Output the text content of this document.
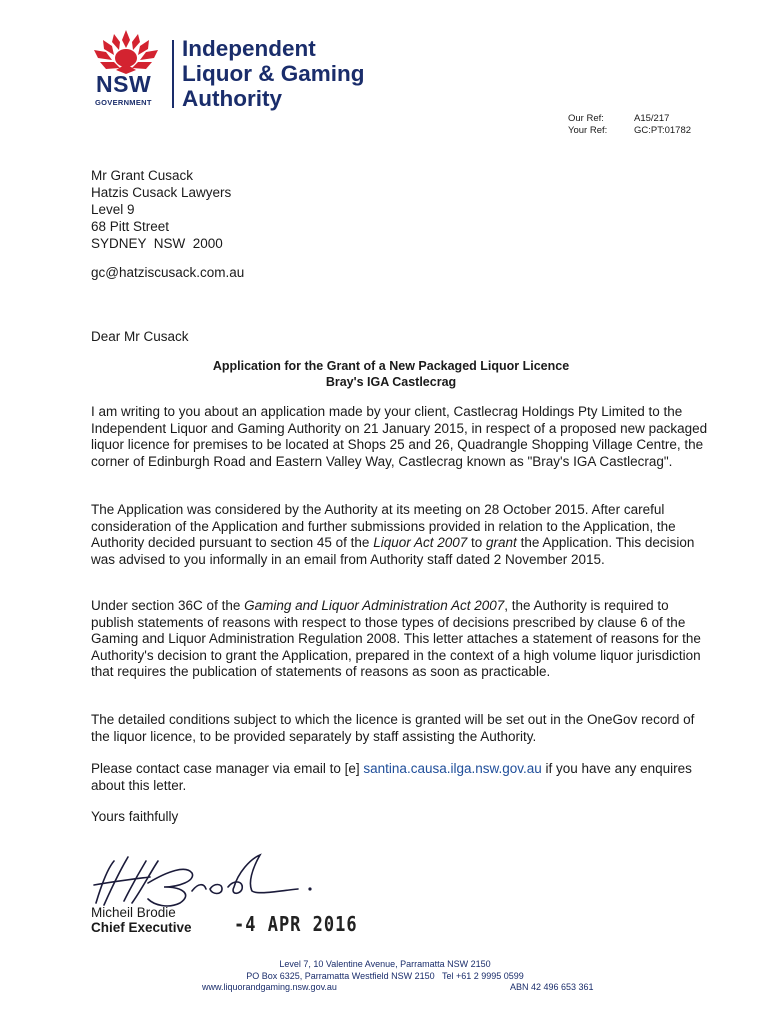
NSW
GOVERNMENT
Independent
Liquor & Gaming
Authority
Our Ref:	A15/217
Your Ref:	GC:PT:01782
Mr Grant Cusack
Hatzis Cusack Lawyers
Level 9
68 Pitt Street
SYDNEY  NSW  2000
gc@hatziscusack.com.au
Dear Mr Cusack
Application for the Grant of a New Packaged Liquor Licence
Bray's IGA Castlecrag

I am writing to you about an application made by your client, Castlecrag Holdings Pty Limited to the Independent Liquor and Gaming Authority on 21 January 2015, in respect of a proposed new packaged liquor licence for premises to be located at Shops 25 and 26, Quadrangle Shopping Village Centre, the corner of Edinburgh Road and Eastern Valley Way, Castlecrag known as "Bray's IGA Castlecrag".

The Application was considered by the Authority at its meeting on 28 October 2015. After careful consideration of the Application and further submissions provided in relation to the Application, the Authority decided pursuant to section 45 of the Liquor Act 2007 to grant the Application. This decision was advised to you informally in an email from Authority staff dated 2 November 2015.

Under section 36C of the Gaming and Liquor Administration Act 2007, the Authority is required to publish statements of reasons with respect to those types of decisions prescribed by clause 6 of the Gaming and Liquor Administration Regulation 2008. This letter attaches a statement of reasons for the Authority's decision to grant the Application, prepared in the context of a high volume liquor jurisdiction that requires the publication of statements of reasons as soon as practicable.

The detailed conditions subject to which the licence is granted will be set out in the OneGov record of the liquor licence, to be provided separately by staff assisting the Authority.

Please contact case manager via email to [e] santina.causa.ilga.nsw.gov.au if you have any enquires about this letter.

Yours faithfully
Micheil Brodie
Chief Executive -4 APR 2016
Level 7, 10 Valentine Avenue, Parramatta NSW 2150
PO Box 6325, Parramatta Westfield NSW 2150   Tel +61 2 9995 0599
www.liquorandgaming.nsw.gov.au	ABN 42 496 653 361
